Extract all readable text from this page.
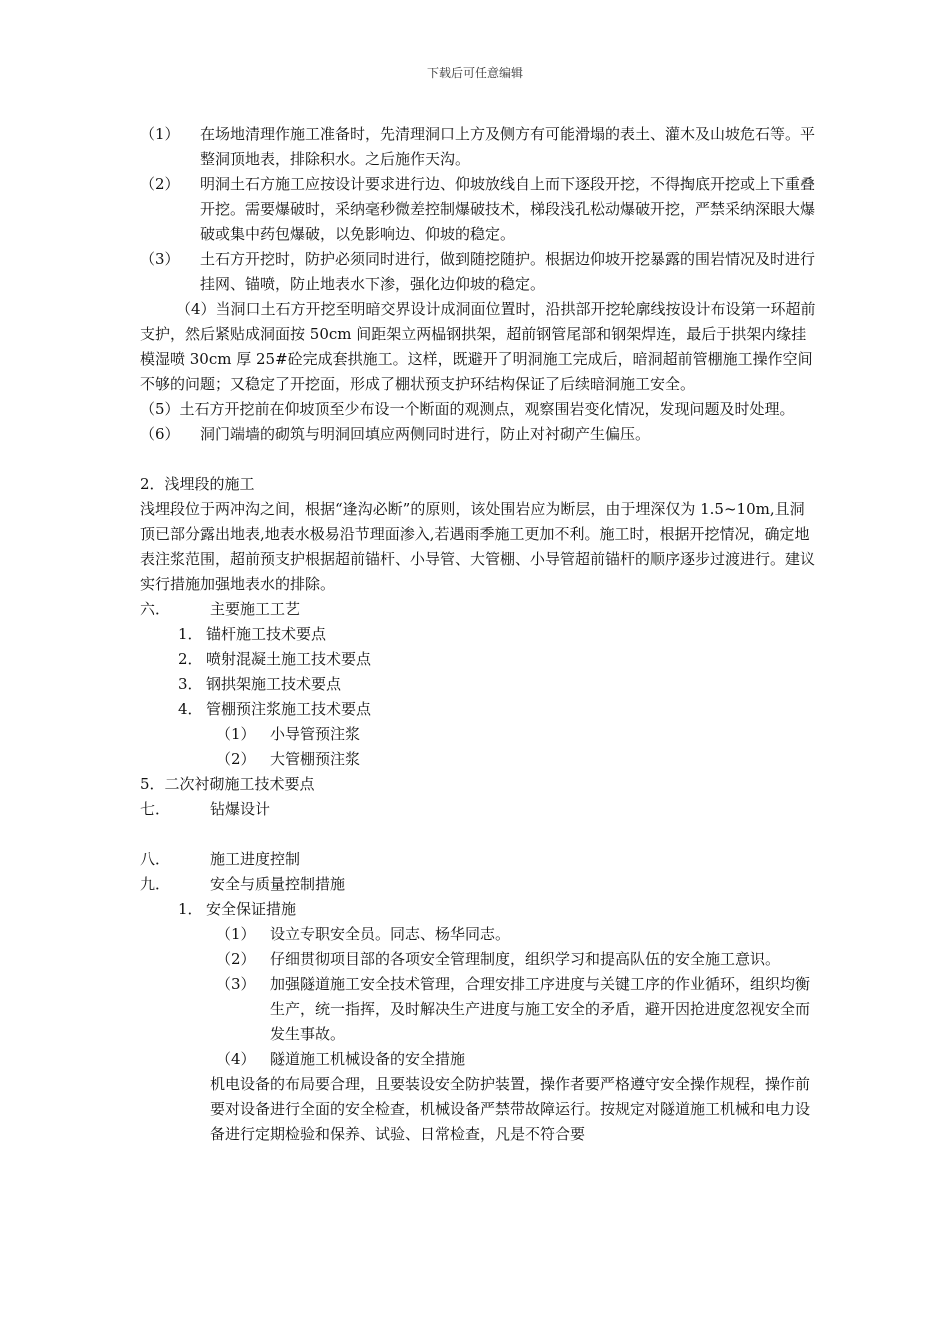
下载后可任意编辑
（1）	在场地清理作施工准备时，先清理洞口上方及侧方有可能滑塌的表土、灌木及山坡危石等。平整洞顶地表，排除积水。之后施作天沟。
（2）	明洞土石方施工应按设计要求进行边、仰坡放线自上而下逐段开挖，不得掏底开挖或上下重叠开挖。需要爆破时，采纳毫秒微差控制爆破技术，梯段浅孔松动爆破开挖，严禁采纳深眼大爆破或集中药包爆破，以免影响边、仰坡的稳定。
（3）	土石方开挖时，防护必须同时进行，做到随挖随护。根据边仰坡开挖暴露的围岩情况及时进行挂网、锚喷，防止地表水下渗，强化边仰坡的稳定。

（4）当洞口土石方开挖至明暗交界设计成洞面位置时，沿拱部开挖轮廓线按设计布设第一环超前支护，然后紧贴成洞面按 50cm 间距架立两榀钢拱架，超前钢管尾部和钢架焊连，最后于拱架内缘挂模湿喷 30cm 厚 25#砼完成套拱施工。这样，既避开了明洞施工完成后，暗洞超前管棚施工操作空间不够的问题；又稳定了开挖面，形成了棚状预支护环结构保证了后续暗洞施工安全。

（5）土石方开挖前在仰坡顶至少布设一个断面的观测点，观察围岩变化情况，发现问题及时处理。

（6）	洞门端墙的砌筑与明洞回填应两侧同时进行，防止对衬砌产生偏压。

2．浅埋段的施工

浅埋段位于两冲沟之间，根据“逢沟必断”的原则，该处围岩应为断层，由于埋深仅为 1.5~10m,且洞顶已部分露出地表,地表水极易沿节理面渗入,若遇雨季施工更加不利。施工时，根据开挖情况，确定地表注浆范围，超前预支护根据超前锚杆、小导管、大管棚、小导管超前锚杆的顺序逐步过渡进行。建议实行措施加强地表水的排除。

六．	主要施工工艺
1． 锚杆施工技术要点
2． 喷射混凝土施工技术要点
3． 钢拱架施工技术要点
4． 管棚预注浆施工技术要点
（1） 小导管预注浆
（2） 大管棚预注浆

5．二次衬砌施工技术要点

七．	钻爆设计
八．	施工进度控制
九．	安全与质量控制措施
1． 安全保证措施
（1） 设立专职安全员。同志、杨华同志。
（2） 仔细贯彻项目部的各项安全管理制度，组织学习和提高队伍的安全施工意识。
（3） 加强隧道施工安全技术管理，合理安排工序进度与关键工序的作业循环，组织均衡生产，统一指挥，及时解决生产进度与施工安全的矛盾，避开因抢进度忽视安全而发生事故。
（4） 隧道施工机械设备的安全措施

机电设备的布局要合理，且要装设安全防护装置，操作者要严格遵守安全操作规程，操作前要对设备进行全面的安全检查，机械设备严禁带故障运行。按规定对隧道施工机械和电力设备进行定期检验和保养、试验、日常检查，凡是不符合要
